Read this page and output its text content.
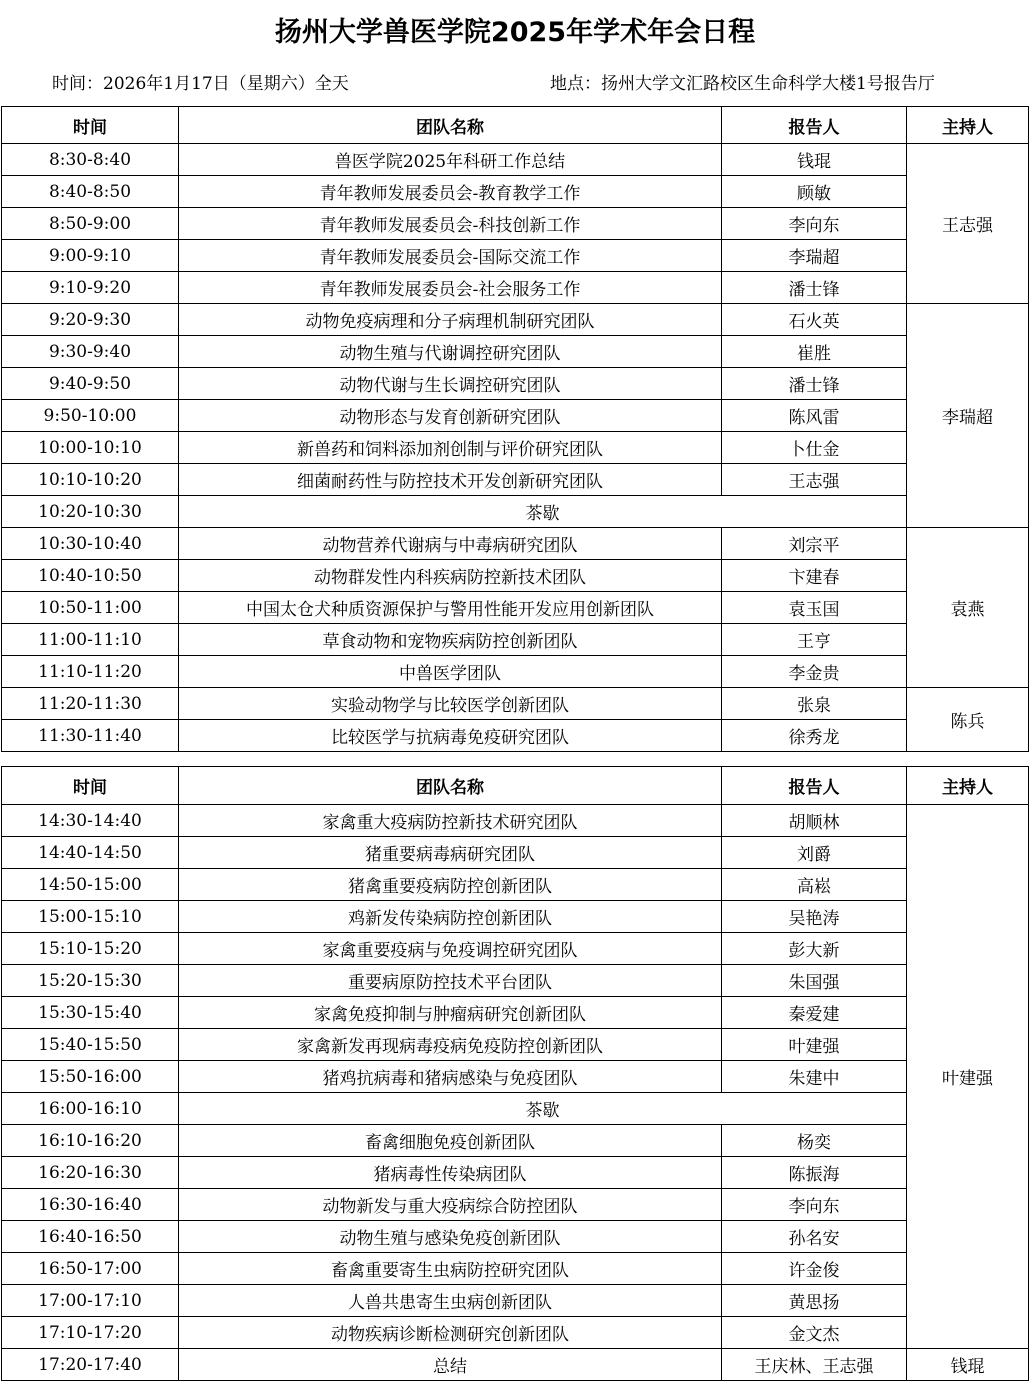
扬州大学兽医学院2025年学术年会日程
时间：2026年1月17日（星期六）全天	地点：扬州大学文汇路校区生命科学大楼1号报告厅
时间	团队名称	报告人	主持人
8:30-8:40	兽医学院2025年科研工作总结	钱琨	王志强
8:40-8:50	青年教师发展委员会-教育教学工作	顾敏	
8:50-9:00	青年教师发展委员会-科技创新工作	李向东	
9:00-9:10	青年教师发展委员会-国际交流工作	李瑞超	
9:10-9:20	青年教师发展委员会-社会服务工作	潘士锋	
9:20-9:30	动物免疫病理和分子病理机制研究团队	石火英	李瑞超
9:30-9:40	动物生殖与代谢调控研究团队	崔胜	
9:40-9:50	动物代谢与生长调控研究团队	潘士锋	
9:50-10:00	动物形态与发育创新研究团队	陈风雷	
10:00-10:10	新兽药和饲料添加剂创制与评价研究团队	卜仕金	
10:10-10:20	细菌耐药性与防控技术开发创新研究团队	王志强	
10:20-10:30	茶歇		
10:30-10:40	动物营养代谢病与中毒病研究团队	刘宗平	袁燕
10:40-10:50	动物群发性内科疾病防控新技术团队	卞建春	
10:50-11:00	中国太仓犬种质资源保护与警用性能开发应用创新团队	袁玉国	
11:00-11:10	草食动物和宠物疾病防控创新团队	王亨	
11:10-11:20	中兽医学团队	李金贵	
11:20-11:30	实验动物学与比较医学创新团队	张泉	陈兵
11:30-11:40	比较医学与抗病毒免疫研究团队	徐秀龙	
时间	团队名称	报告人	主持人
14:30-14:40	家禽重大疫病防控新技术研究团队	胡顺林	叶建强
14:40-14:50	猪重要病毒病研究团队	刘爵	
14:50-15:00	猪禽重要疫病防控创新团队	高崧	
15:00-15:10	鸡新发传染病防控创新团队	吴艳涛	
15:10-15:20	家禽重要疫病与免疫调控研究团队	彭大新	
15:20-15:30	重要病原防控技术平台团队	朱国强	
15:30-15:40	家禽免疫抑制与肿瘤病研究创新团队	秦爱建	
15:40-15:50	家禽新发再现病毒疫病免疫防控创新团队	叶建强	
15:50-16:00	猪鸡抗病毒和猪病感染与免疫团队	朱建中	
16:00-16:10	茶歇		
16:10-16:20	畜禽细胞免疫创新团队	杨奕	
16:20-16:30	猪病毒性传染病团队	陈振海	
16:30-16:40	动物新发与重大疫病综合防控团队	李向东	
16:40-16:50	动物生殖与感染免疫创新团队	孙名安	
16:50-17:00	畜禽重要寄生虫病防控研究团队	许金俊	
17:00-17:10	人兽共患寄生虫病创新团队	黄思扬	
17:10-17:20	动物疾病诊断检测研究创新团队	金文杰	
17:20-17:40	总结	王庆林、王志强	钱琨
